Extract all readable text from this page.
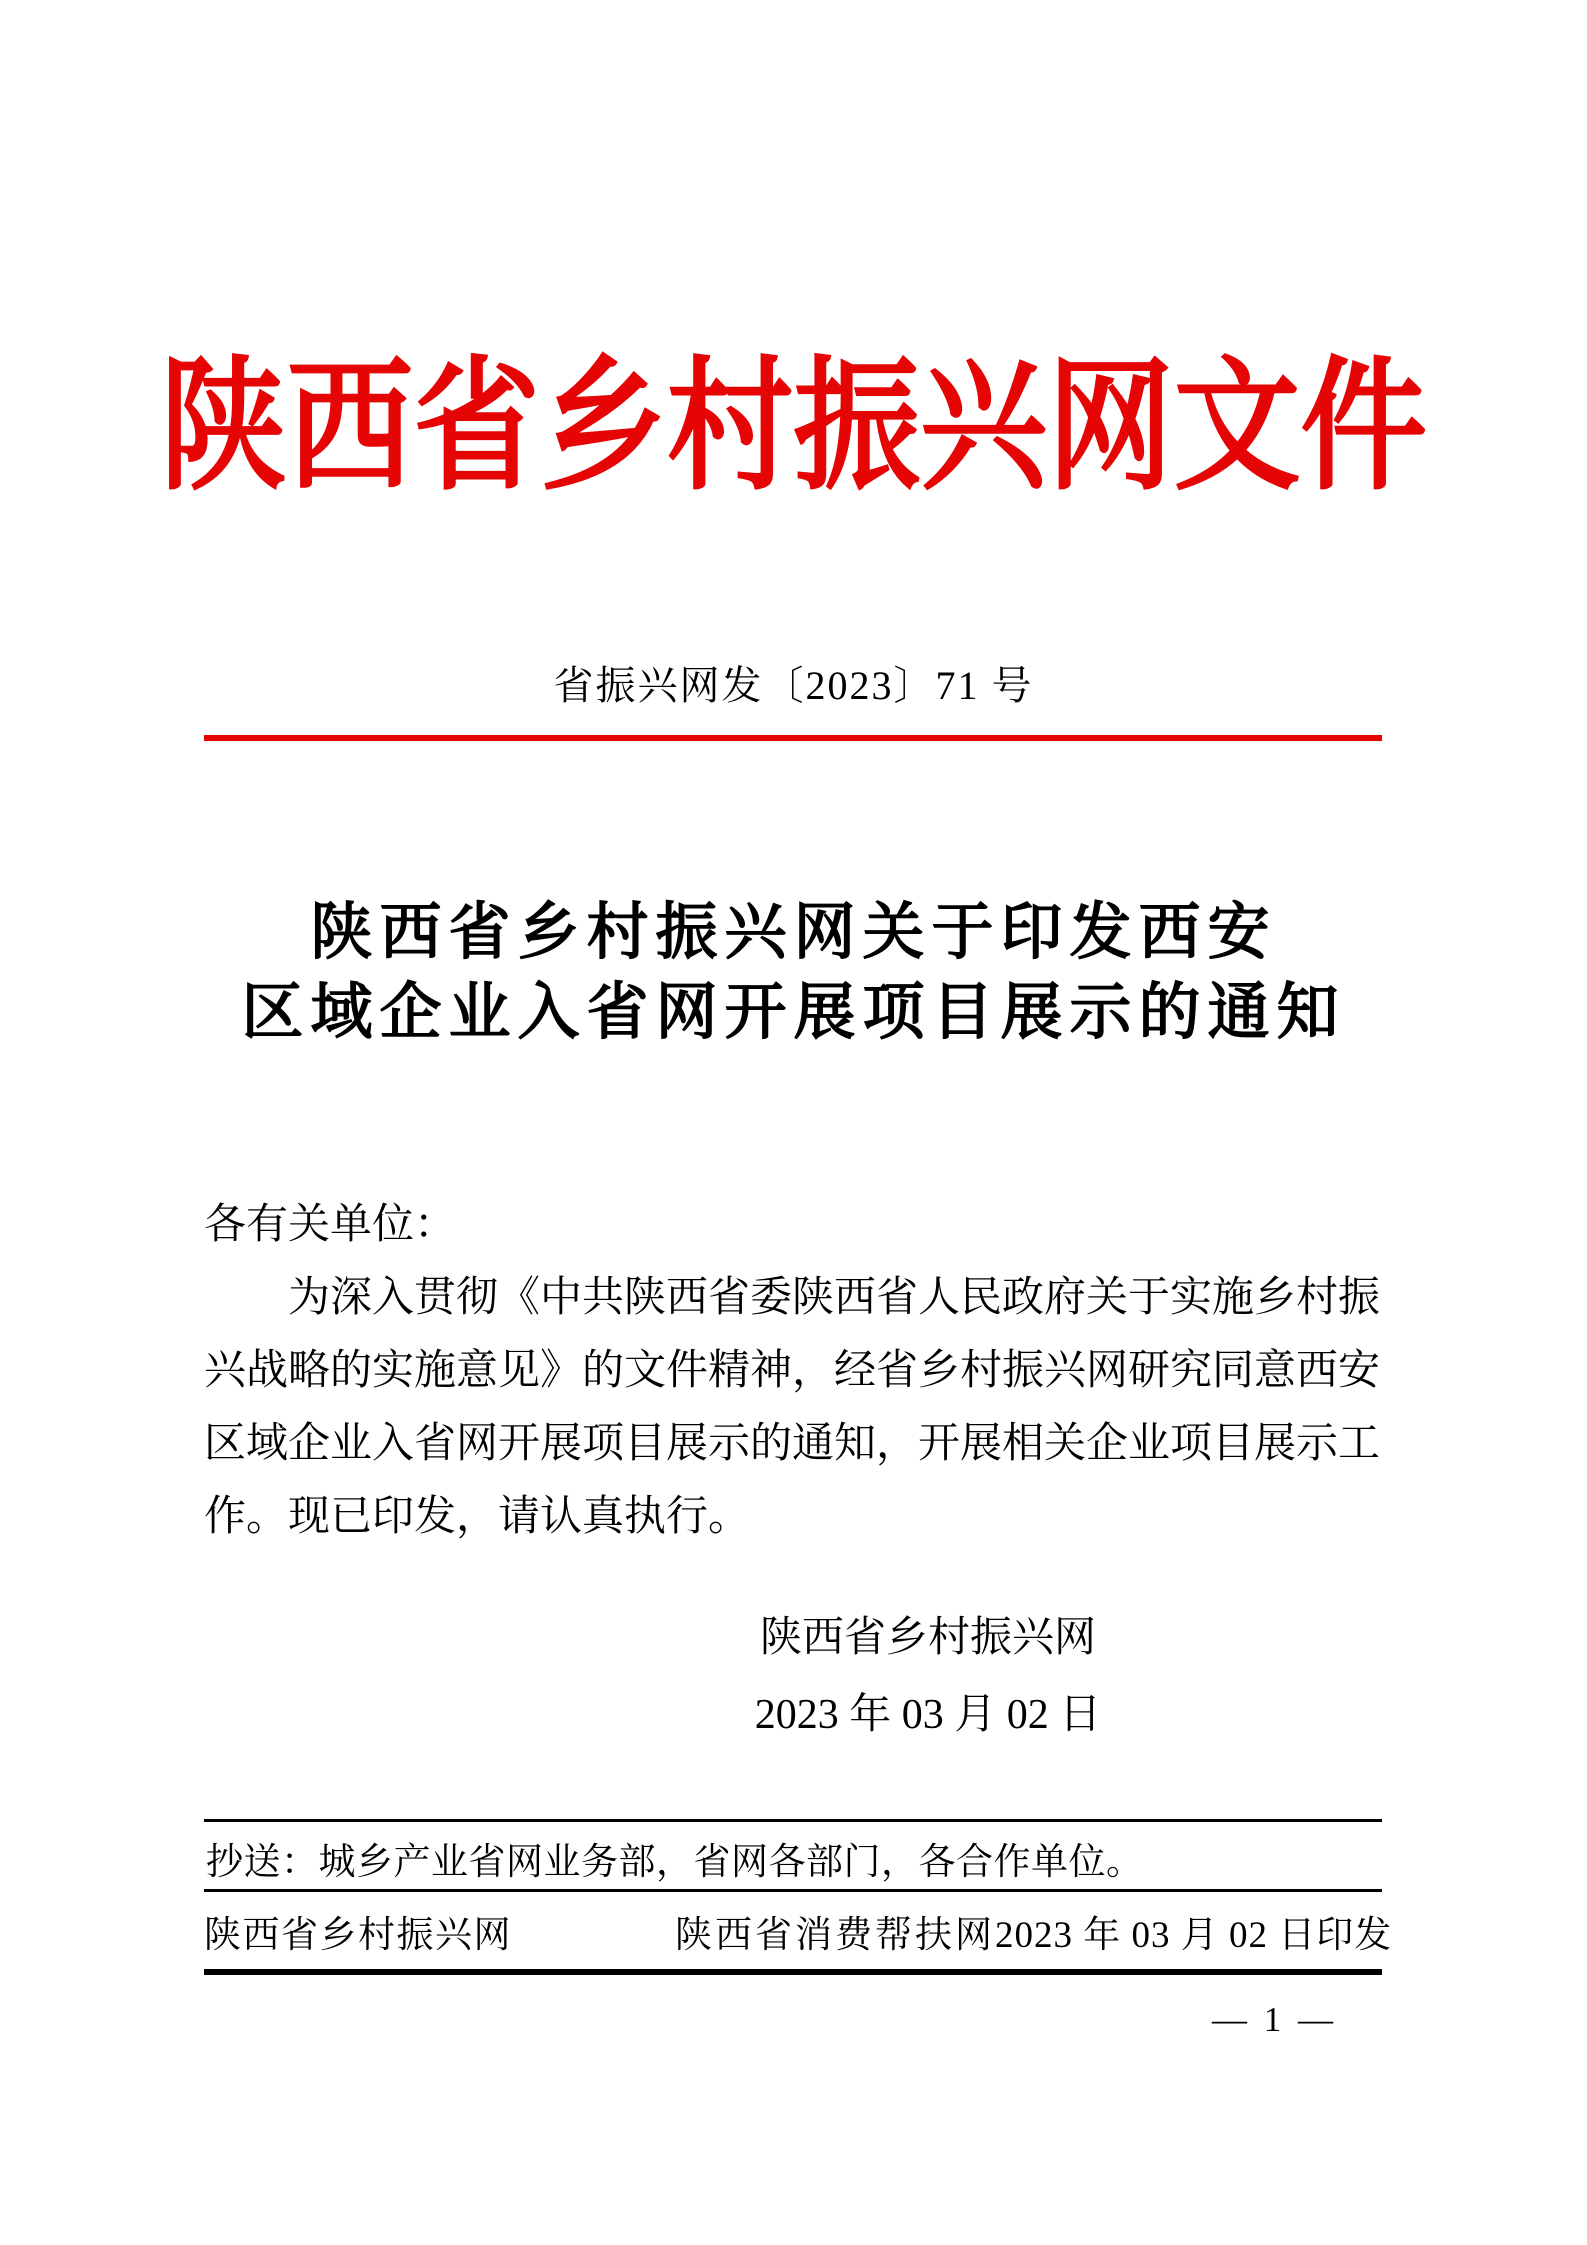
陕西省乡村振兴网文件
省振兴网发〔2023〕71 号
陕西省乡村振兴网关于印发西安
区域企业入省网开展项目展示的通知
各有关单位：
为深入贯彻《中共陕西省委陕西省人民政府关于实施乡村振
兴战略的实施意见》的文件精神，经省乡村振兴网研究同意西安
区域企业入省网开展项目展示的通知，开展相关企业项目展示工
作。现已印发，请认真执行。
陕西省乡村振兴网
2023 年 03 月 02 日
抄送：城乡产业省网业务部，省网各部门，各合作单位。
陕西省乡村振兴网	陕西省消费帮扶网 2023 年 03 月 02 日印发
— 1 —
